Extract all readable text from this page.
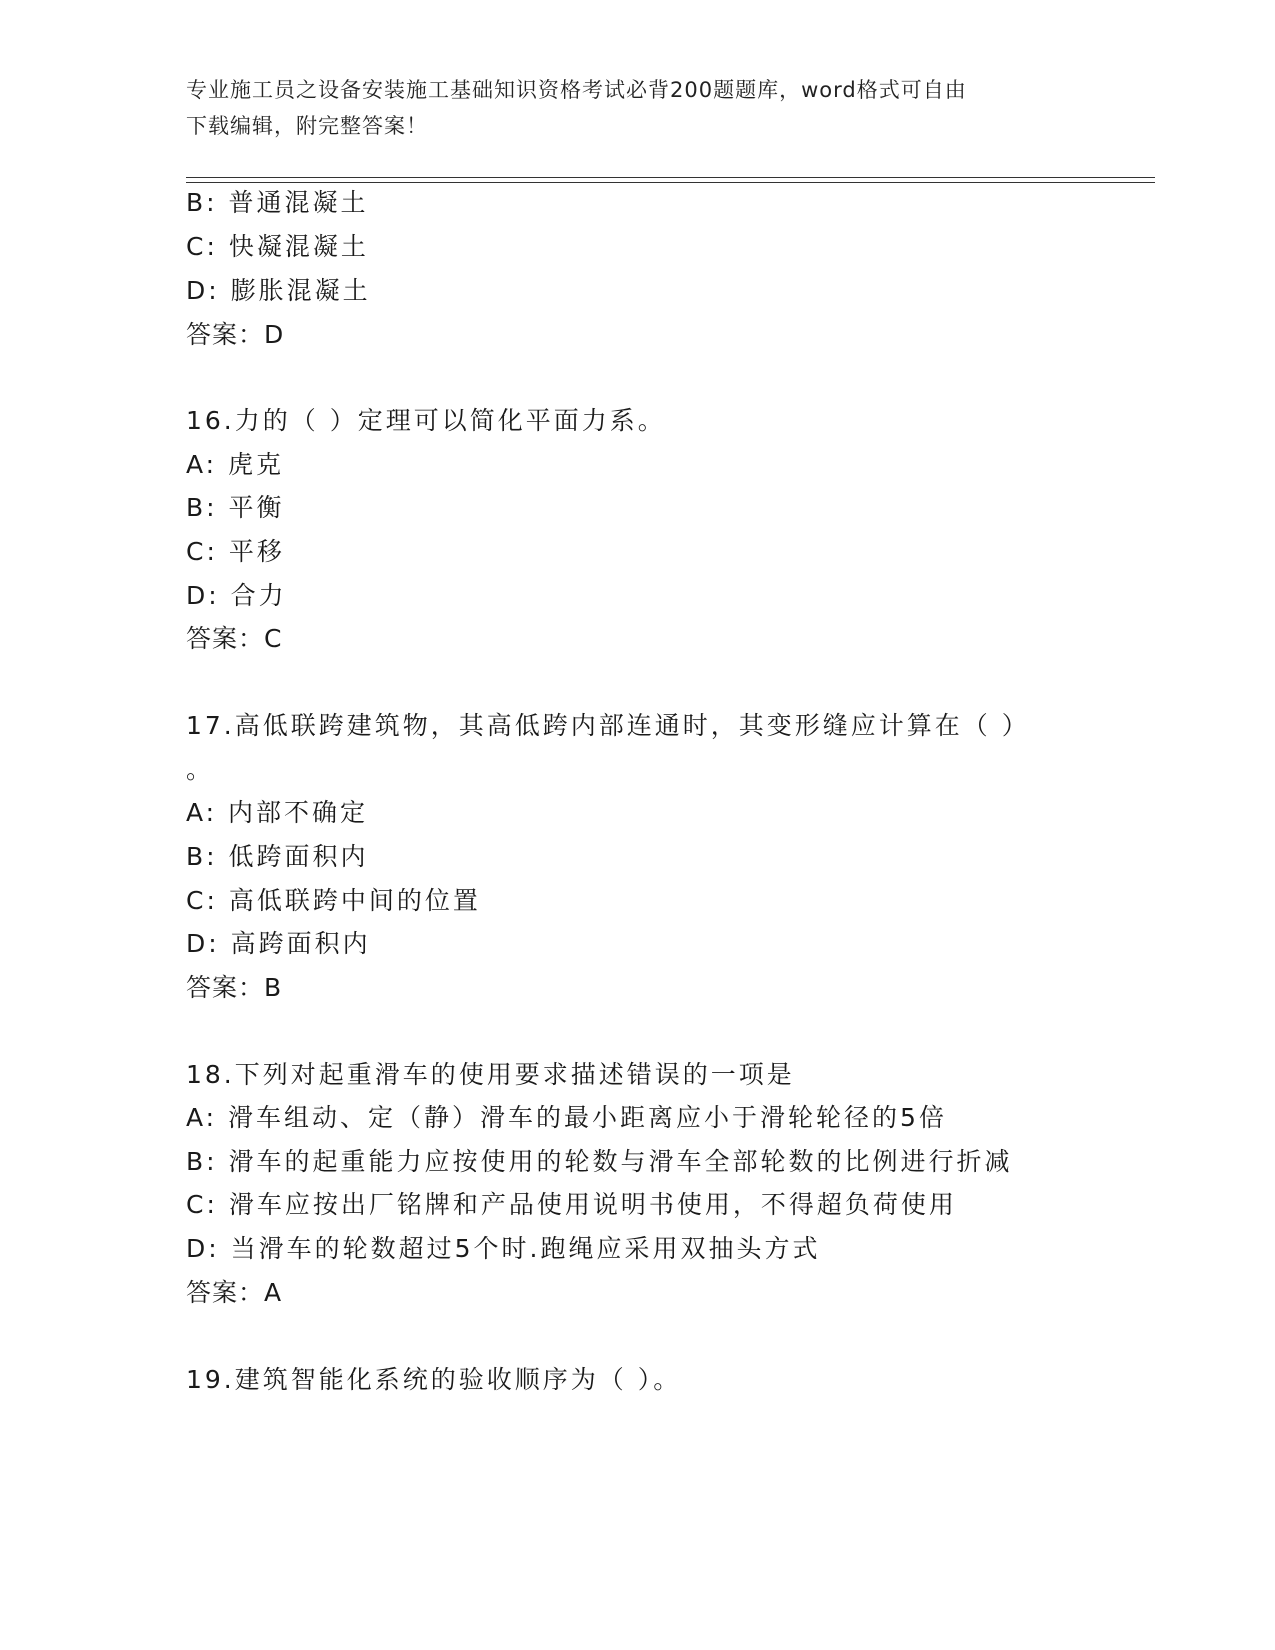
专业施工员之设备安装施工基础知识资格考试必背200题题库，word格式可自由
下载编辑，附完整答案！
B: 普通混凝土
C: 快凝混凝土
D: 膨胀混凝土
答案：D
16.力的（ ）定理可以简化平面力系。
A: 虎克
B: 平衡
C: 平移
D: 合力
答案：C
17.高低联跨建筑物，其高低跨内部连通时，其变形缝应计算在（ ）
。
A: 内部不确定
B: 低跨面积内
C: 高低联跨中间的位置
D: 高跨面积内
答案：B
18.下列对起重滑车的使用要求描述错误的一项是
A: 滑车组动、定（静）滑车的最小距离应小于滑轮轮径的5倍
B: 滑车的起重能力应按使用的轮数与滑车全部轮数的比例进行折减
C: 滑车应按出厂铭牌和产品使用说明书使用，不得超负荷使用
D: 当滑车的轮数超过5个时.跑绳应采用双抽头方式
答案：A
19.建筑智能化系统的验收顺序为（ ）。
